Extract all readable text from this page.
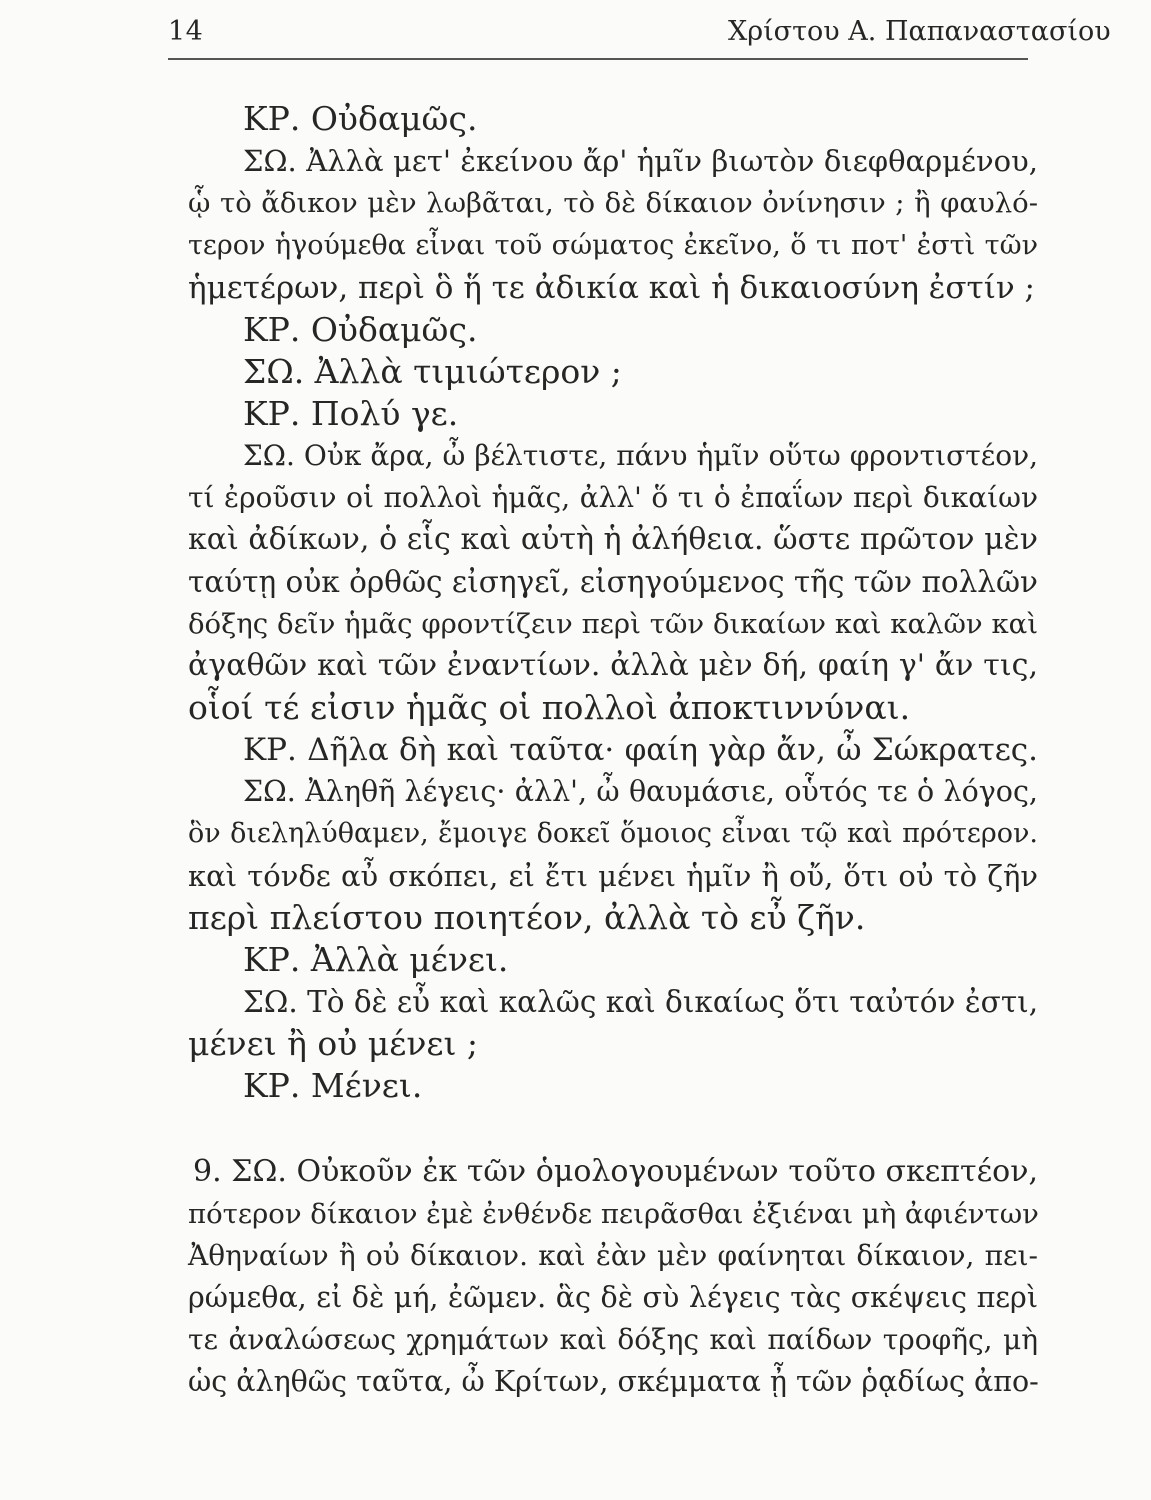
14	Χρίστου Α. Παπαναστασίου
ΚΡ. Οὐδαμῶς.
ΣΩ. Ἀλλὰ μετ' ἐκείνου ἄρ' ἡμῖν βιωτὸν διεφθαρμένου,
ᾧ τὸ ἄδικον μὲν λωβᾶται, τὸ δὲ δίκαιον ὀνίνησιν ; ἢ φαυλό-
τερον ἡγούμεθα εἶναι τοῦ σώματος ἐκεῖνο, ὅ τι ποτ' ἐστὶ τῶν
ἡμετέρων, περὶ ὃ ἥ τε ἀδικία καὶ ἡ δικαιοσύνη ἐστίν ;
ΚΡ. Οὐδαμῶς.
ΣΩ. Ἀλλὰ τιμιώτερον ;
ΚΡ. Πολύ γε.
ΣΩ. Οὐκ ἄρα, ὦ βέλτιστε, πάνυ ἡμῖν οὕτω φροντιστέον,
τί ἐροῦσιν οἱ πολλοὶ ἡμᾶς, ἀλλ' ὅ τι ὁ ἐπαΐων περὶ δικαίων
καὶ ἀδίκων, ὁ εἷς καὶ αὐτὴ ἡ ἀλήθεια. ὥστε πρῶτον μὲν
ταύτῃ οὐκ ὀρθῶς εἰσηγεῖ, εἰσηγούμενος τῆς τῶν πολλῶν
δόξης δεῖν ἡμᾶς φροντίζειν περὶ τῶν δικαίων καὶ καλῶν καὶ
ἀγαθῶν καὶ τῶν ἐναντίων. ἀλλὰ μὲν δή, φαίη γ' ἄν τις,
οἷοί τέ εἰσιν ἡμᾶς οἱ πολλοὶ ἀποκτιννύναι.
ΚΡ. Δῆλα δὴ καὶ ταῦτα· φαίη γὰρ ἄν, ὦ Σώκρατες.
ΣΩ. Ἀληθῆ λέγεις· ἀλλ', ὦ θαυμάσιε, οὗτός τε ὁ λόγος,
ὃν διεληλύθαμεν, ἔμοιγε δοκεῖ ὅμοιος εἶναι τῷ καὶ πρότερον.
καὶ τόνδε αὖ σκόπει, εἰ ἔτι μένει ἡμῖν ἢ οὔ, ὅτι οὐ τὸ ζῆν
περὶ πλείστου ποιητέον, ἀλλὰ τὸ εὖ ζῆν.
ΚΡ. Ἀλλὰ μένει.
ΣΩ. Τὸ δὲ εὖ καὶ καλῶς καὶ δικαίως ὅτι ταὐτόν ἐστι,
μένει ἢ οὐ μένει ;
ΚΡ. Μένει.
9. ΣΩ. Οὐκοῦν ἐκ τῶν ὁμολογουμένων τοῦτο σκεπτέον,
πότερον δίκαιον ἐμὲ ἐνθένδε πειρᾶσθαι ἐξιέναι μὴ ἀφιέντων
Ἀθηναίων ἢ οὐ δίκαιον. καὶ ἐὰν μὲν φαίνηται δίκαιον, πει-
ρώμεθα, εἰ δὲ μή, ἐῶμεν. ἃς δὲ σὺ λέγεις τὰς σκέψεις περὶ
τε ἀναλώσεως χρημάτων καὶ δόξης καὶ παίδων τροφῆς, μὴ
ὡς ἀληθῶς ταῦτα, ὦ Κρίτων, σκέμματα ᾖ τῶν ῥᾳδίως ἀπο-
